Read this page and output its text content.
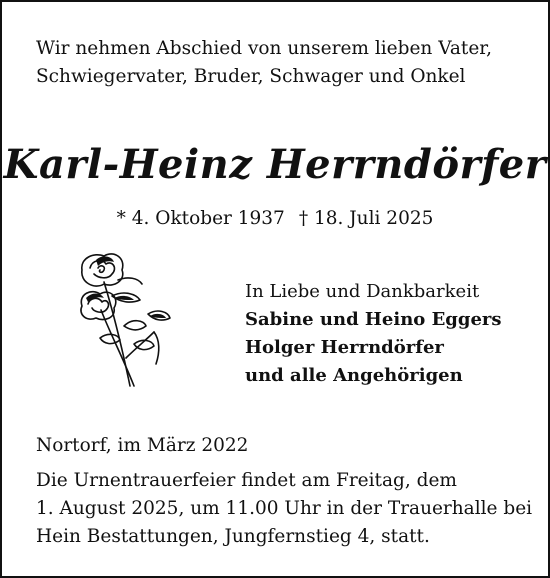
Wir nehmen Abschied von unserem lieben Vater,
Schwiegervater, Bruder, Schwager und Onkel
Karl-Heinz Herrndörfer
* 4. Oktober 1937 † 18. Juli 2025
In Liebe und Dankbarkeit
Sabine und Heino Eggers
Holger Herrndörfer
und alle Angehörigen
Nortorf, im März 2022
Die Urnentrauerfeier findet am Freitag, dem
1. August 2025, um 11.00 Uhr in der Trauerhalle bei
Hein Bestattungen, Jungfernstieg 4, statt.
